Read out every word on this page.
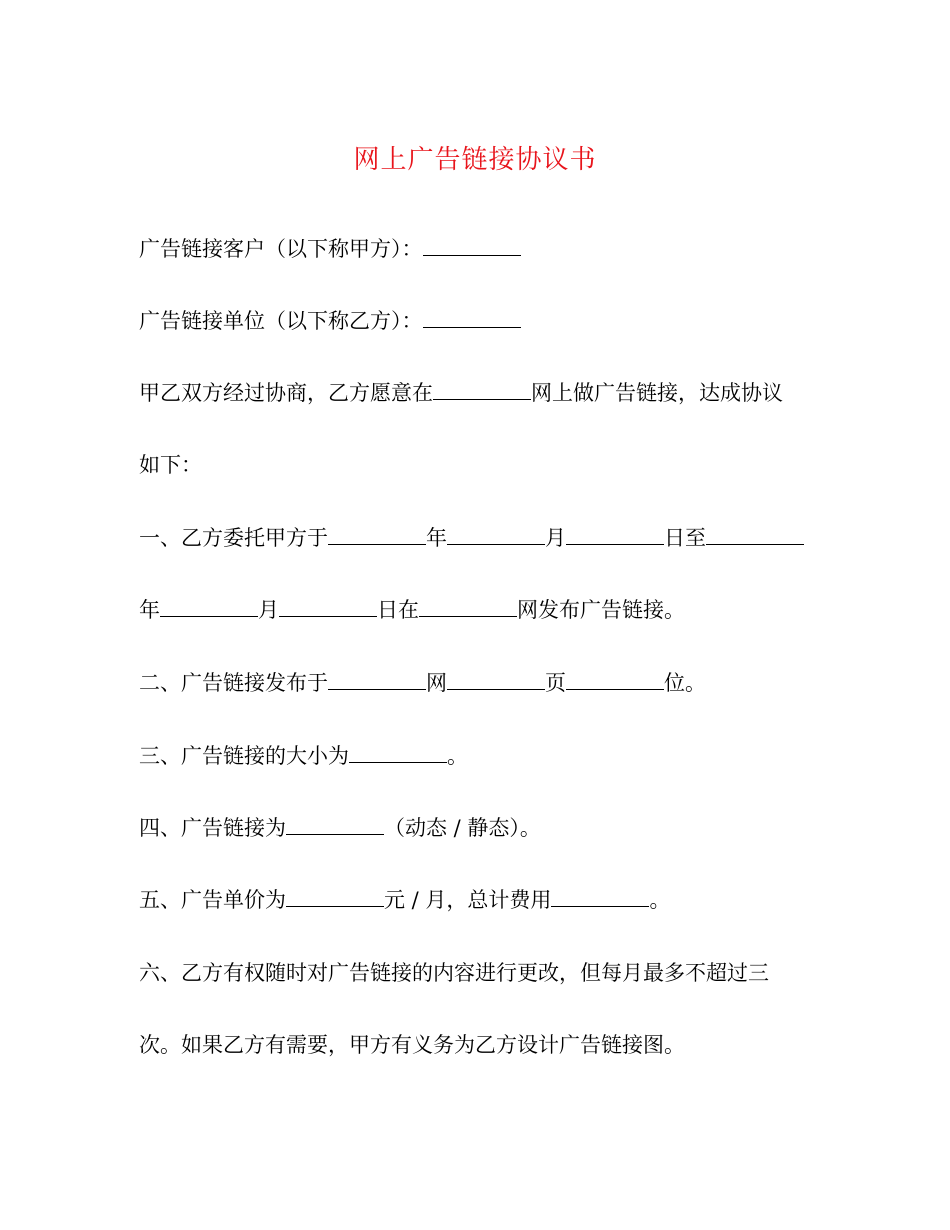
网上广告链接协议书
广告链接客户（以下称甲方）：
广告链接单位（以下称乙方）：
甲乙双方经过协商，乙方愿意在	网上做广告链接，达成协议
如下：
一、乙方委托甲方于	年	月	日至
年	月	日在	网发布广告链接。
二、广告链接发布于	网	页	位。
三、广告链接的大小为	。
四、广告链接为	（动态 / 静态）。
五、广告单价为	元 / 月，总计费用	。
六、乙方有权随时对广告链接的内容进行更改，但每月最多不超过三
次。如果乙方有需要，甲方有义务为乙方设计广告链接图。
